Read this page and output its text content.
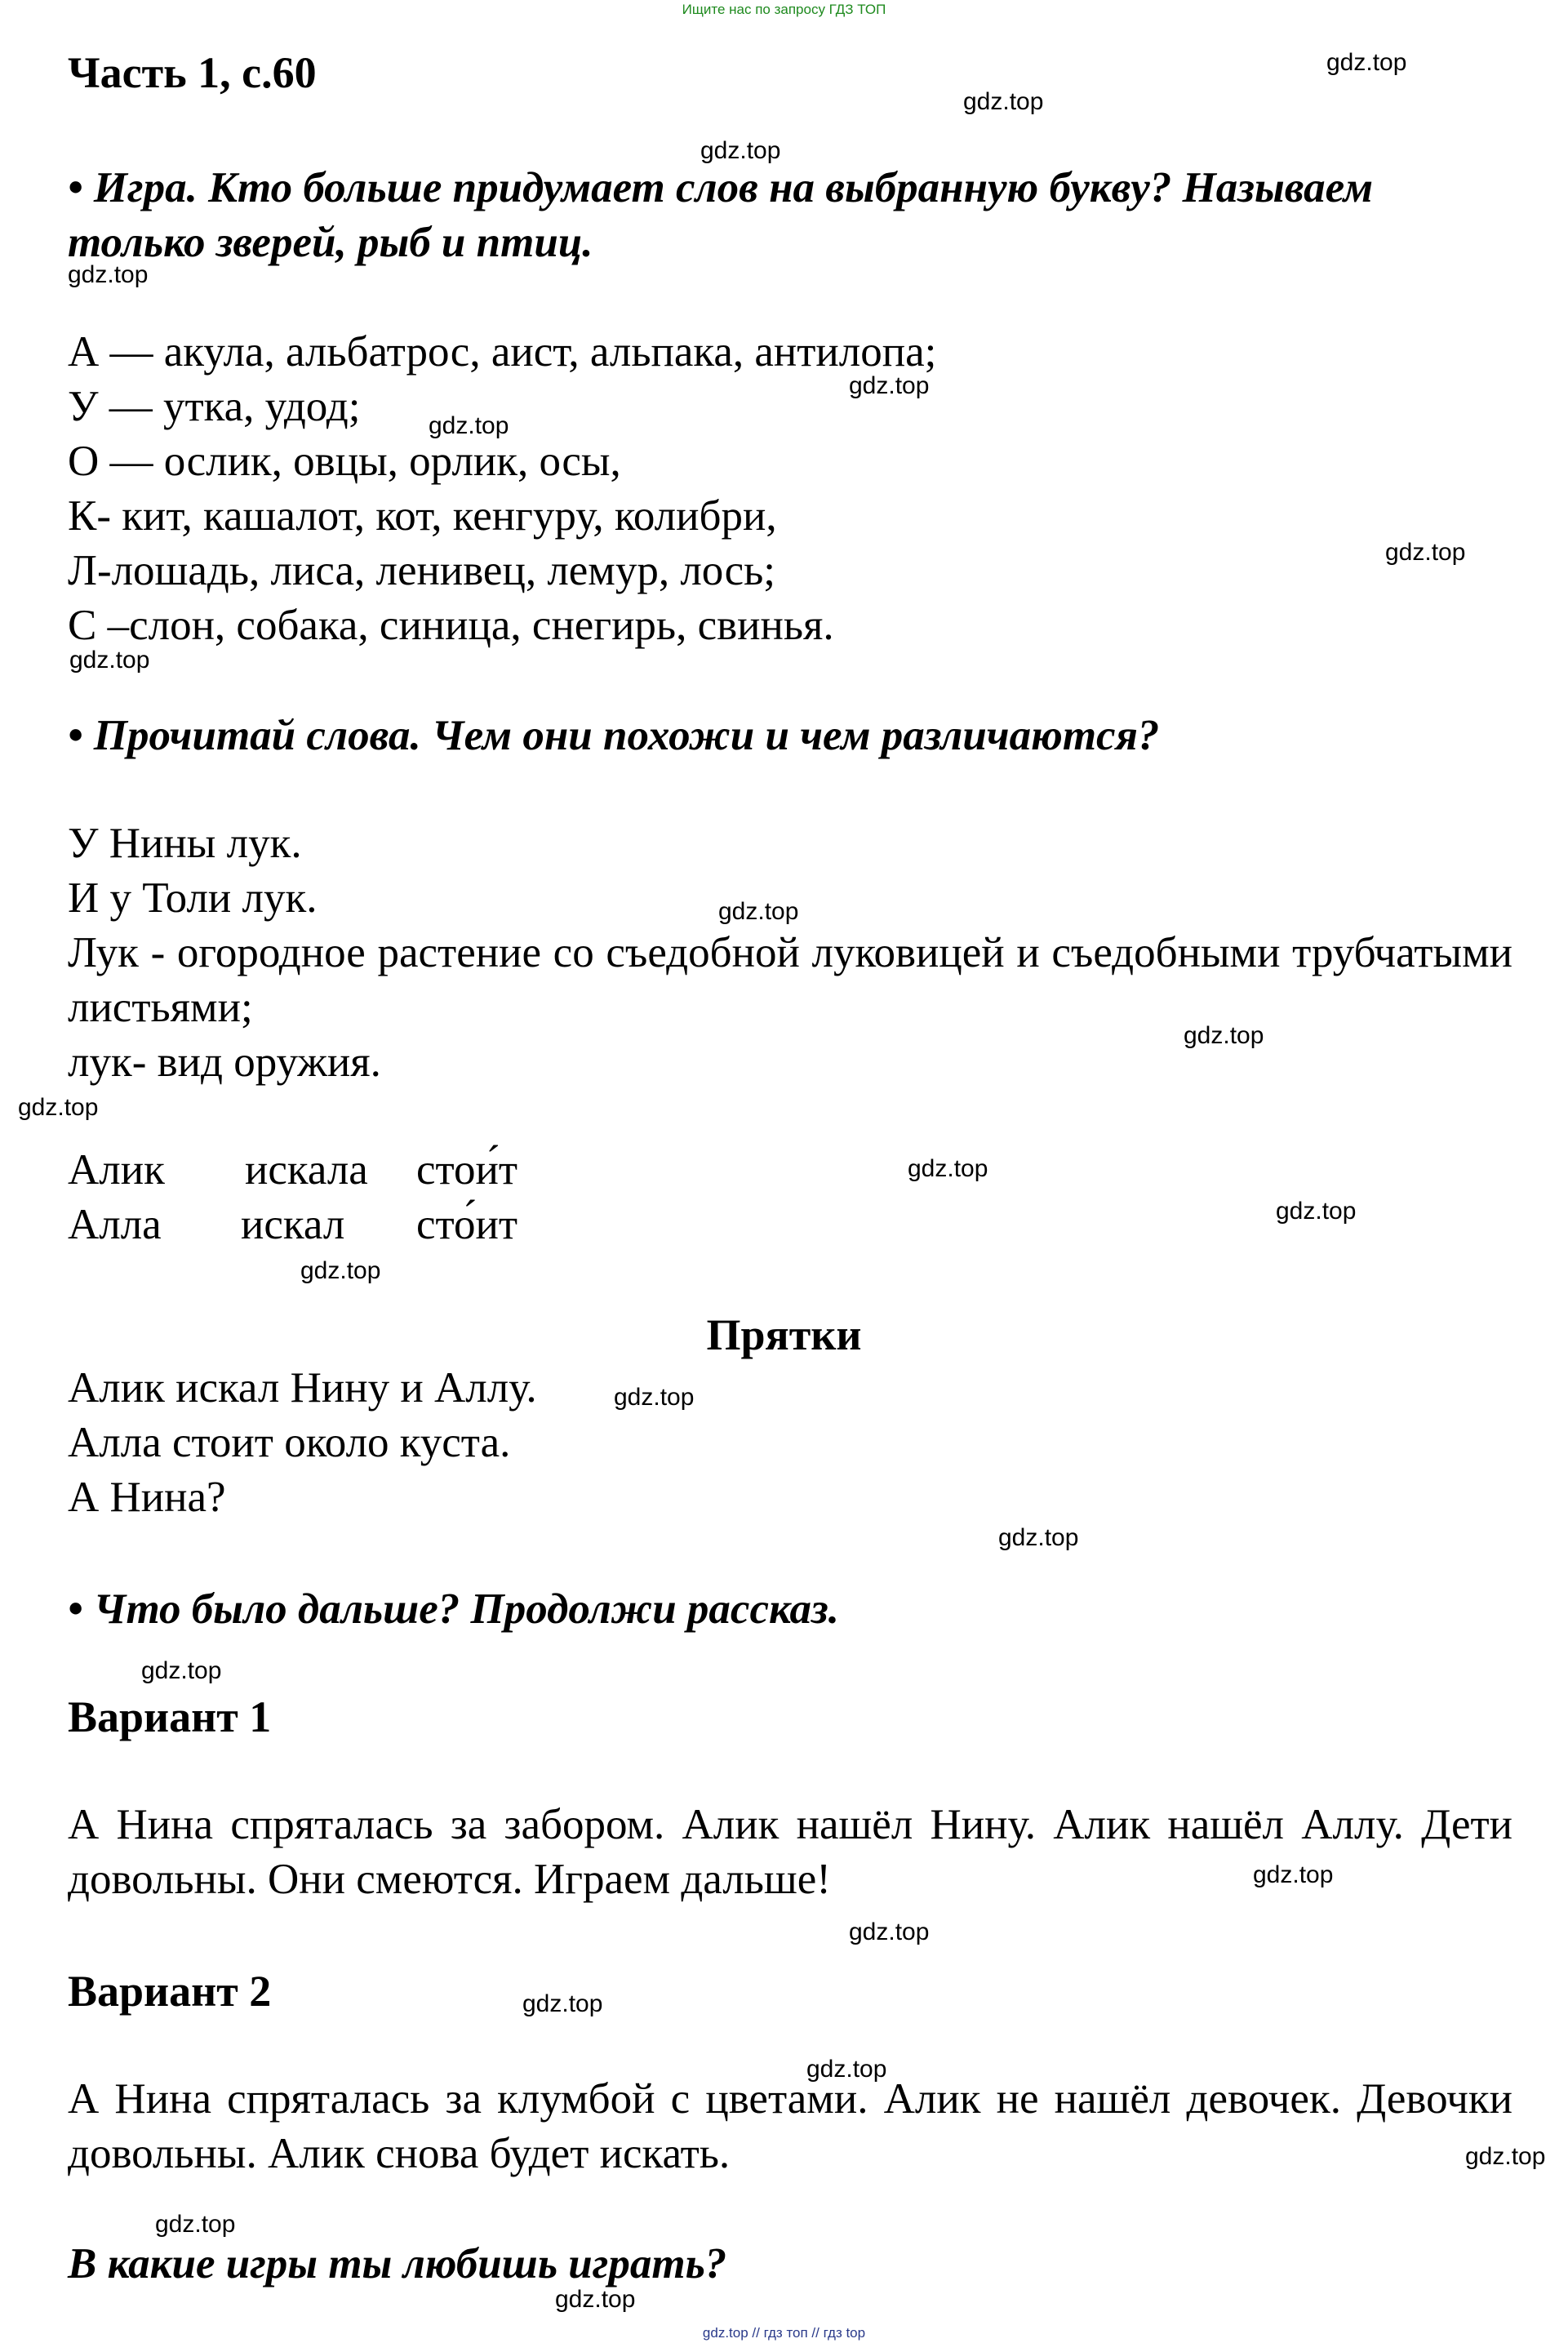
Ищите нас по запросу ГДЗ ТОП
Часть 1, с.60
• Игра. Кто больше придумает слов на выбранную букву? Называем только зверей, рыб и птиц.
А — акула, альбатрос, аист, альпака, антилопа;
У — утка, удод;
О — ослик, овцы, орлик, осы,
К- кит, кашалот, кот, кенгуру, колибри,
Л-лошадь, лиса, ленивец, лемур, лось;
С –слон, собака, синица, снегирь, свинья.
• Прочитай слова. Чем они похожи и чем различаются?
У Нины лук.
И у Толи лук.
Лук - огородное растение со съедобной луковицей и съедобными трубчатыми листьями;
лук- вид оружия.
Алик искала стои́т
Алла искал сто́ит
Прятки
Алик искал Нину и Аллу.
Алла стоит около куста.
А Нина?
• Что было дальше? Продолжи рассказ.
Вариант 1
А Нина спряталась за забором. Алик нашёл Нину. Алик нашёл Аллу. Дети довольны. Они смеются. Играем дальше!
Вариант 2
А Нина спряталась за клумбой с цветами. Алик не нашёл девочек. Девочки довольны. Алик снова будет искать.
В какие игры ты любишь играть?
gdz.top
gdz.top
gdz.top
gdz.top
gdz.top
gdz.top
gdz.top
gdz.top
gdz.top
gdz.top
gdz.top
gdz.top
gdz.top
gdz.top
gdz.top
gdz.top
gdz.top
gdz.top
gdz.top
gdz.top
gdz.top
gdz.top
gdz.top
gdz.top
gdz.top // гдз топ // гдз top
